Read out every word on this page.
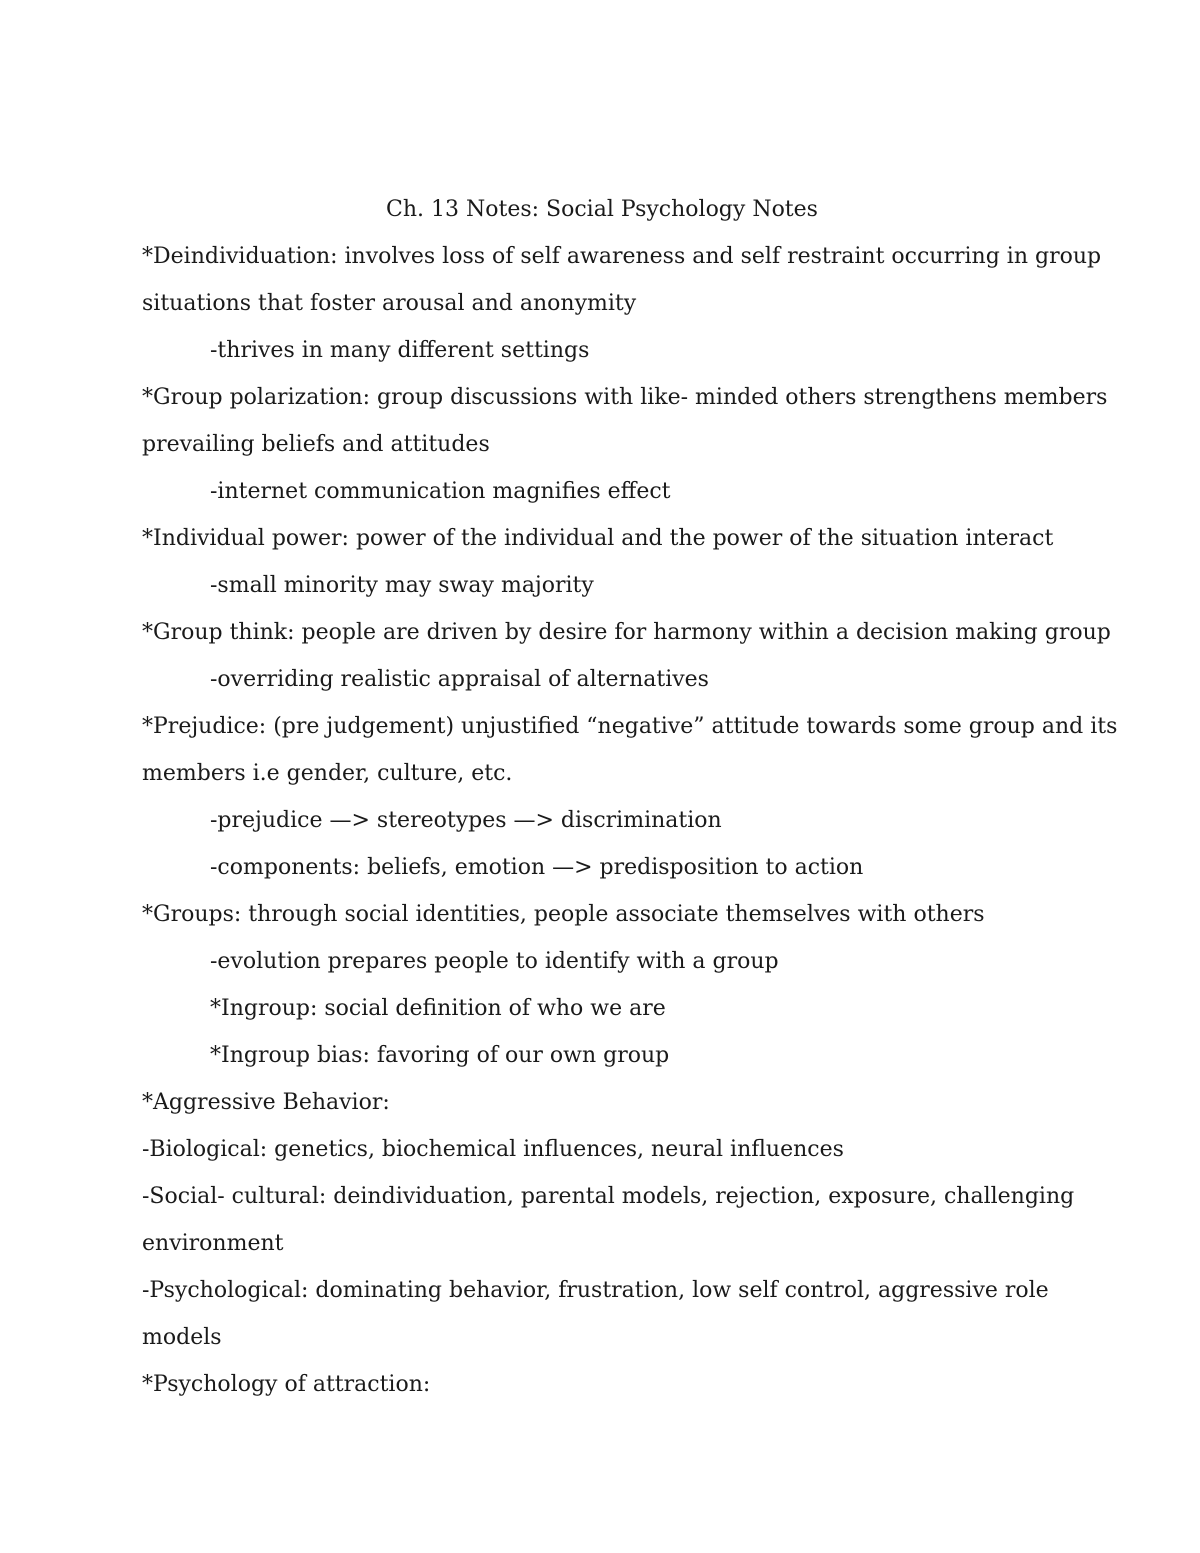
Ch. 13 Notes: Social Psychology Notes

*Deindividuation: involves loss of self awareness and self restraint occurring in group

situations that foster arousal and anonymity

-thrives in many different settings

*Group polarization: group discussions with like- minded others strengthens members

prevailing beliefs and attitudes

-internet communication magnifies effect

*Individual power: power of the individual and the power of the situation interact

-small minority may sway majority

*Group think: people are driven by desire for harmony within a decision making group

-overriding realistic appraisal of alternatives

*Prejudice: (pre judgement) unjustified “negative” attitude towards some group and its

members i.e gender, culture, etc.

-prejudice —> stereotypes —> discrimination

-components: beliefs, emotion —> predisposition to action

*Groups: through social identities, people associate themselves with others

-evolution prepares people to identify with a group

*Ingroup: social definition of who we are

*Ingroup bias: favoring of our own group

*Aggressive Behavior:

-Biological: genetics, biochemical influences, neural influences

-Social- cultural: deindividuation, parental models, rejection, exposure, challenging

environment

-Psychological: dominating behavior, frustration, low self control, aggressive role

models

*Psychology of attraction:
